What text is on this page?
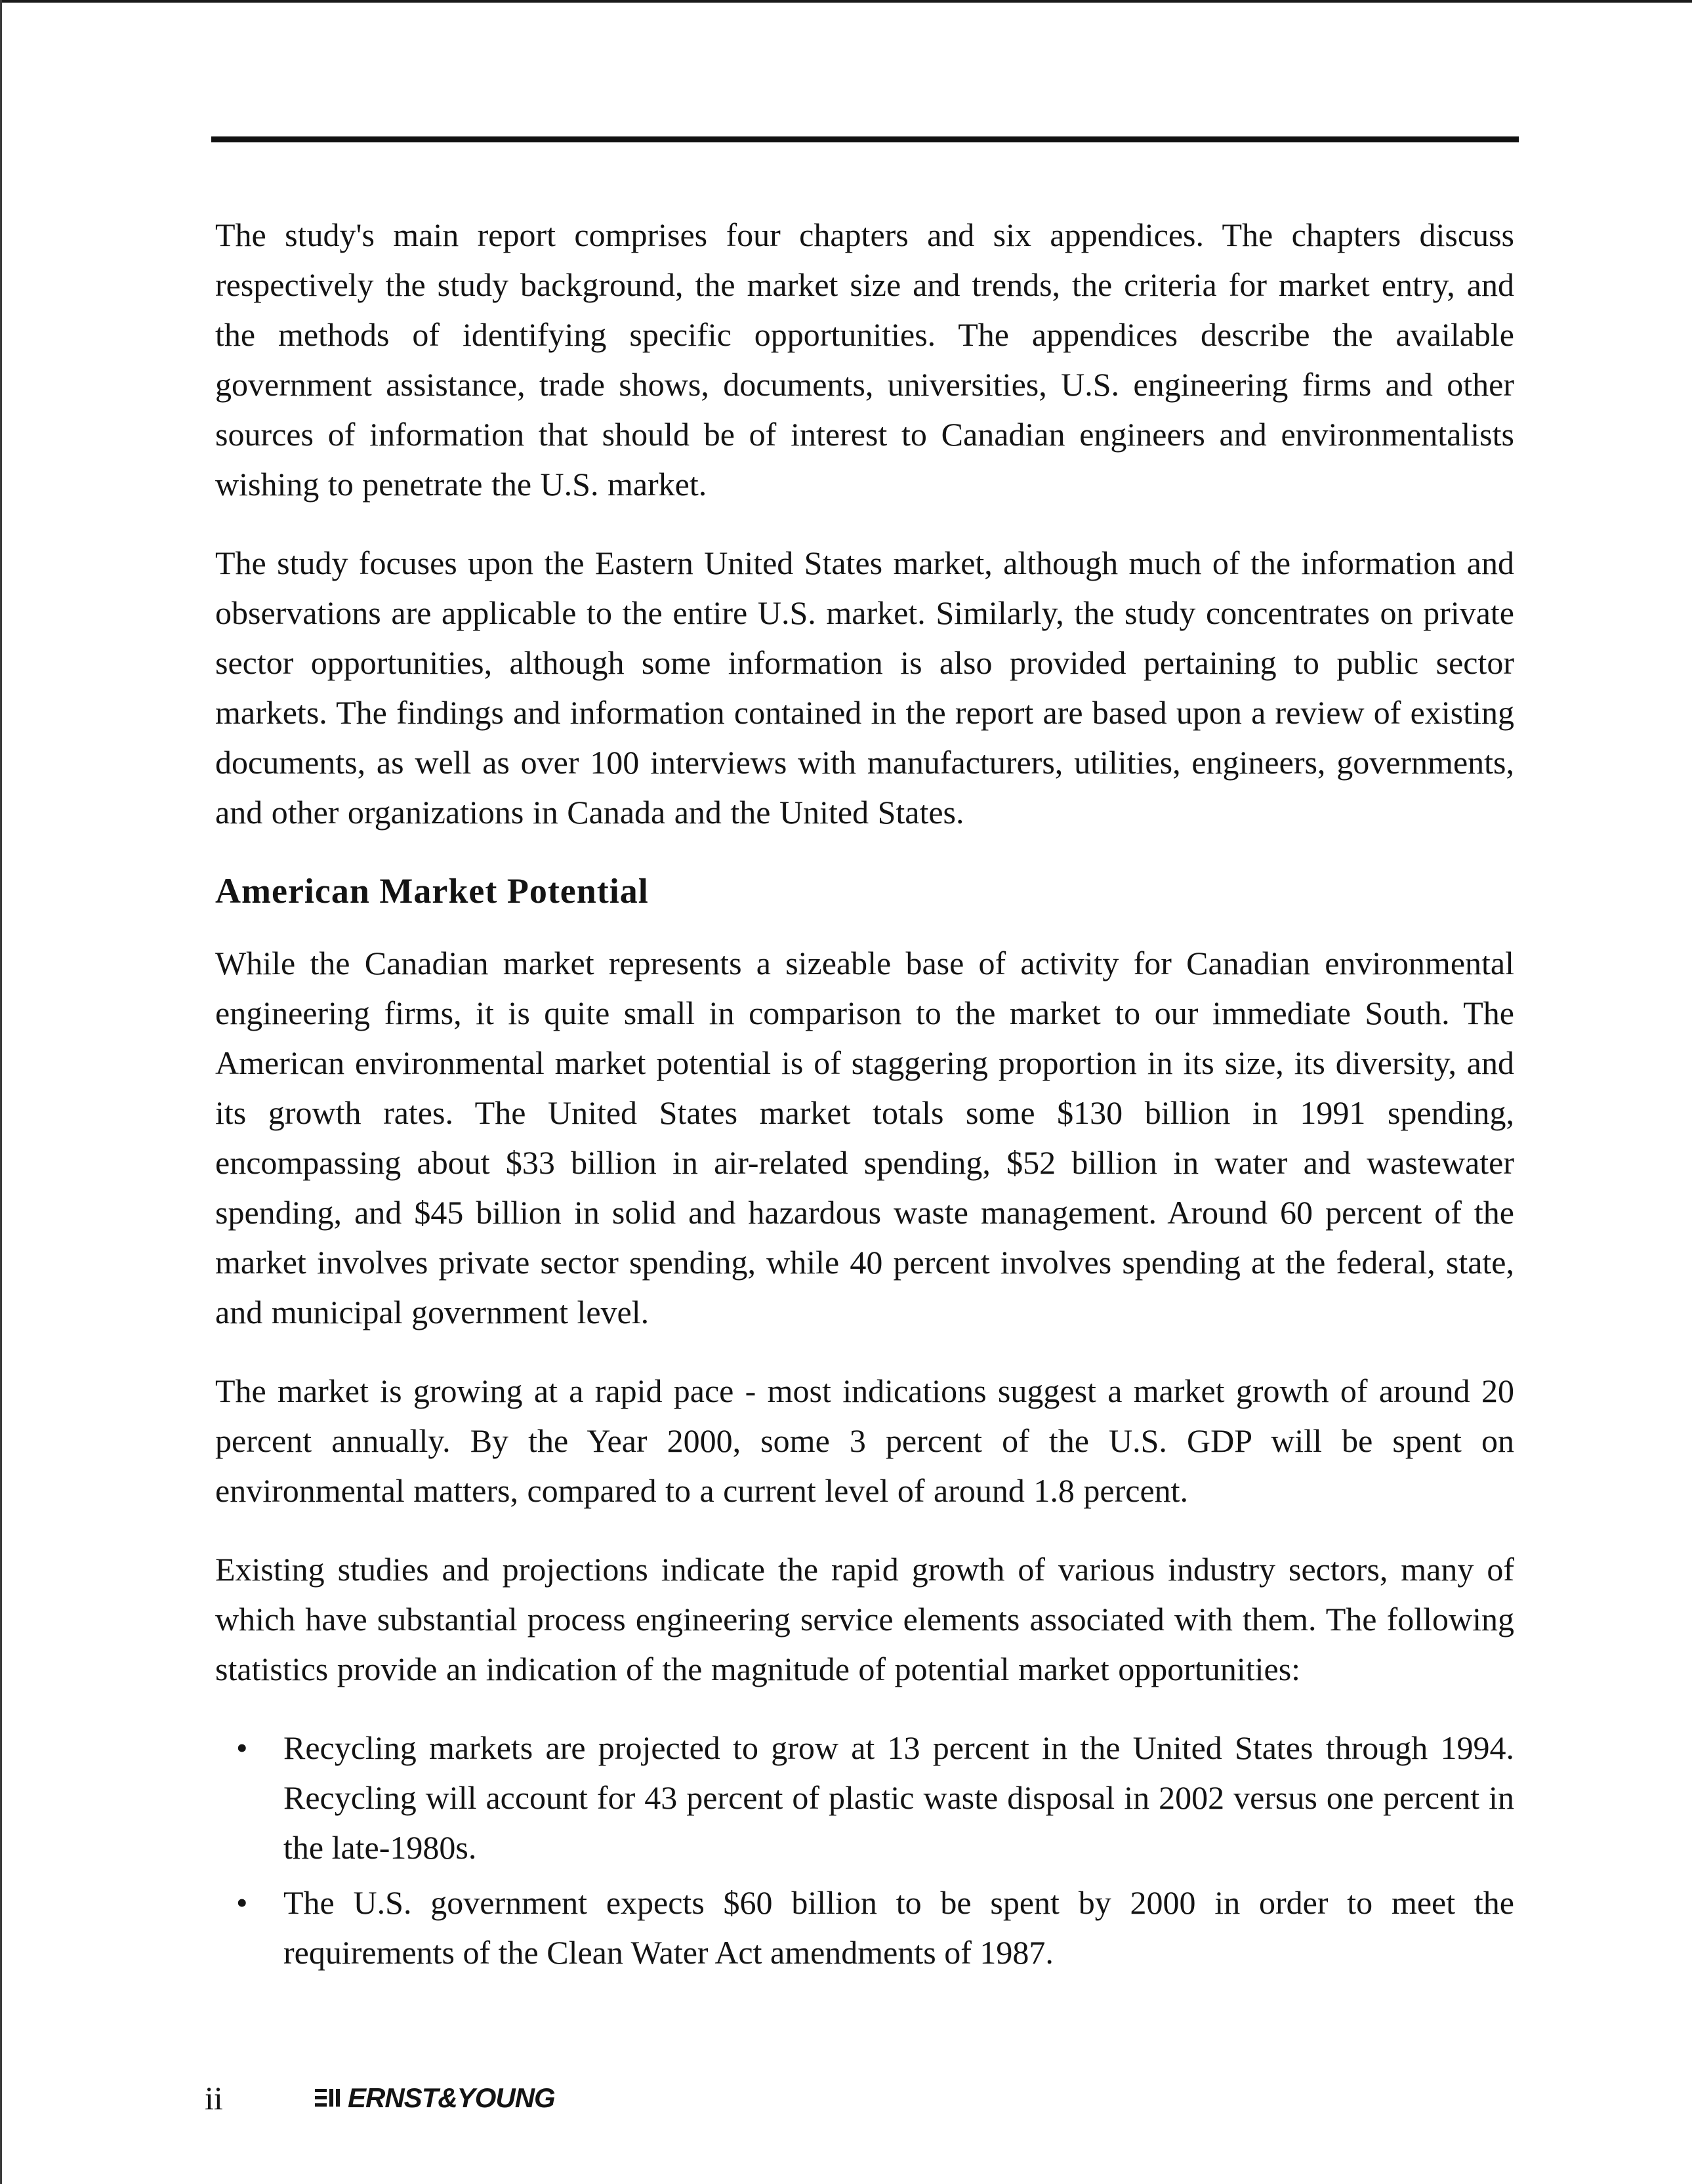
The study's main report comprises four chapters and six appendices. The chapters discuss respectively the study background, the market size and trends, the criteria for market entry, and the methods of identifying specific opportunities. The appendices describe the available government assistance, trade shows, documents, universities, U.S. engineering firms and other sources of information that should be of interest to Canadian engineers and environmentalists wishing to penetrate the U.S. market.

The study focuses upon the Eastern United States market, although much of the information and observations are applicable to the entire U.S. market. Similarly, the study concentrates on private sector opportunities, although some information is also provided pertaining to public sector markets. The findings and information contained in the report are based upon a review of existing documents, as well as over 100 interviews with manufacturers, utilities, engineers, governments, and other organizations in Canada and the United States.

American Market Potential

While the Canadian market represents a sizeable base of activity for Canadian environmental engineering firms, it is quite small in comparison to the market to our immediate South. The American environmental market potential is of staggering proportion in its size, its diversity, and its growth rates. The United States market totals some $130 billion in 1991 spending, encompassing about $33 billion in air-related spending, $52 billion in water and wastewater spending, and $45 billion in solid and hazardous waste management. Around 60 percent of the market involves private sector spending, while 40 percent involves spending at the federal, state, and municipal government level.

The market is growing at a rapid pace - most indications suggest a market growth of around 20 percent annually. By the Year 2000, some 3 percent of the U.S. GDP will be spent on environmental matters, compared to a current level of around 1.8 percent.

Existing studies and projections indicate the rapid growth of various industry sectors, many of which have substantial process engineering service elements associated with them. The following statistics provide an indication of the magnitude of potential market opportunities:

• Recycling markets are projected to grow at 13 percent in the United States through 1994. Recycling will account for 43 percent of plastic waste disposal in 2002 versus one percent in the late-1980s.
• The U.S. government expects $60 billion to be spent by 2000 in order to meet the requirements of the Clean Water Act amendments of 1987.
ii	ERNST&YOUNG
